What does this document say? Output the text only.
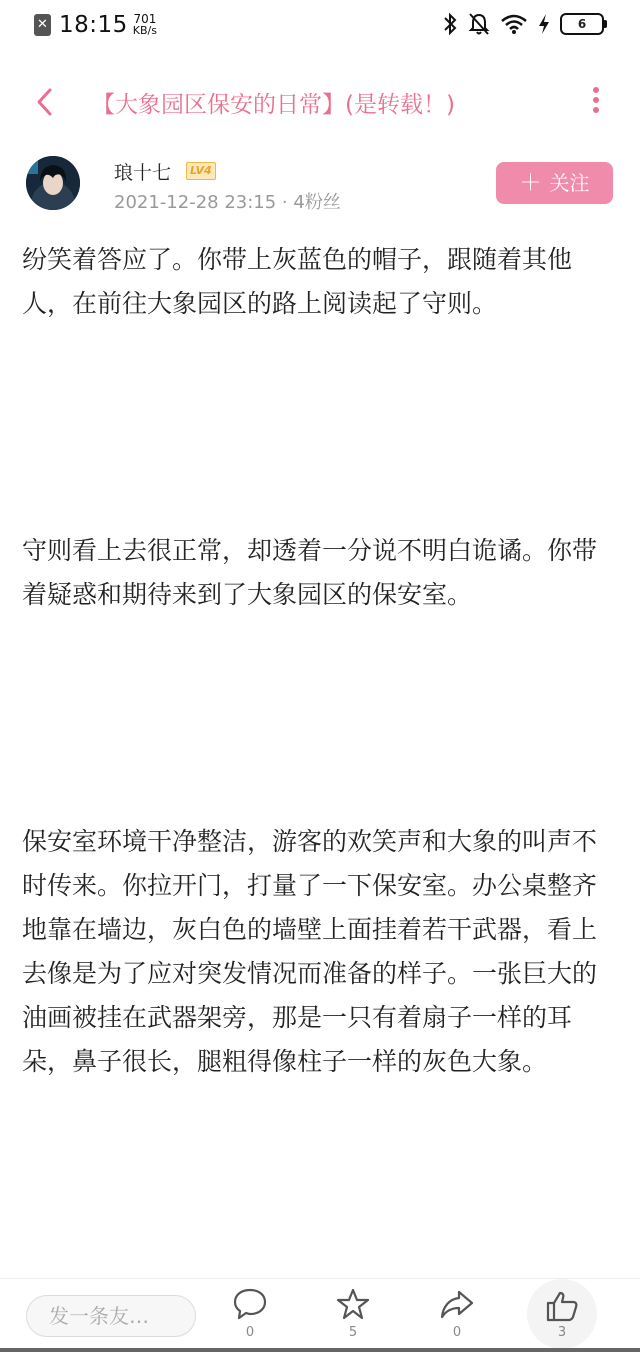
✕ 18:15 701
KB/s	6
【大象园区保安的日常】(是转载！)
琅十七	LV4
2021-12-28 23:15 · 4粉丝
＋ 关注

纷笑着答应了。你带上灰蓝色的帽子，跟随着其他人，在前往大象园区的路上阅读起了守则。

守则看上去很正常，却透着一分说不明白诡谲。你带着疑惑和期待来到了大象园区的保安室。

保安室环境干净整洁，游客的欢笑声和大象的叫声不时传来。你拉开门，打量了一下保安室。办公桌整齐地靠在墙边，灰白色的墙壁上面挂着若干武器，看上去像是为了应对突发情况而准备的样子。一张巨大的油画被挂在武器架旁，那是一只有着扇子一样的耳朵，鼻子很长，腿粗得像柱子一样的灰色大象。

发一条友…
0	5	0	3
